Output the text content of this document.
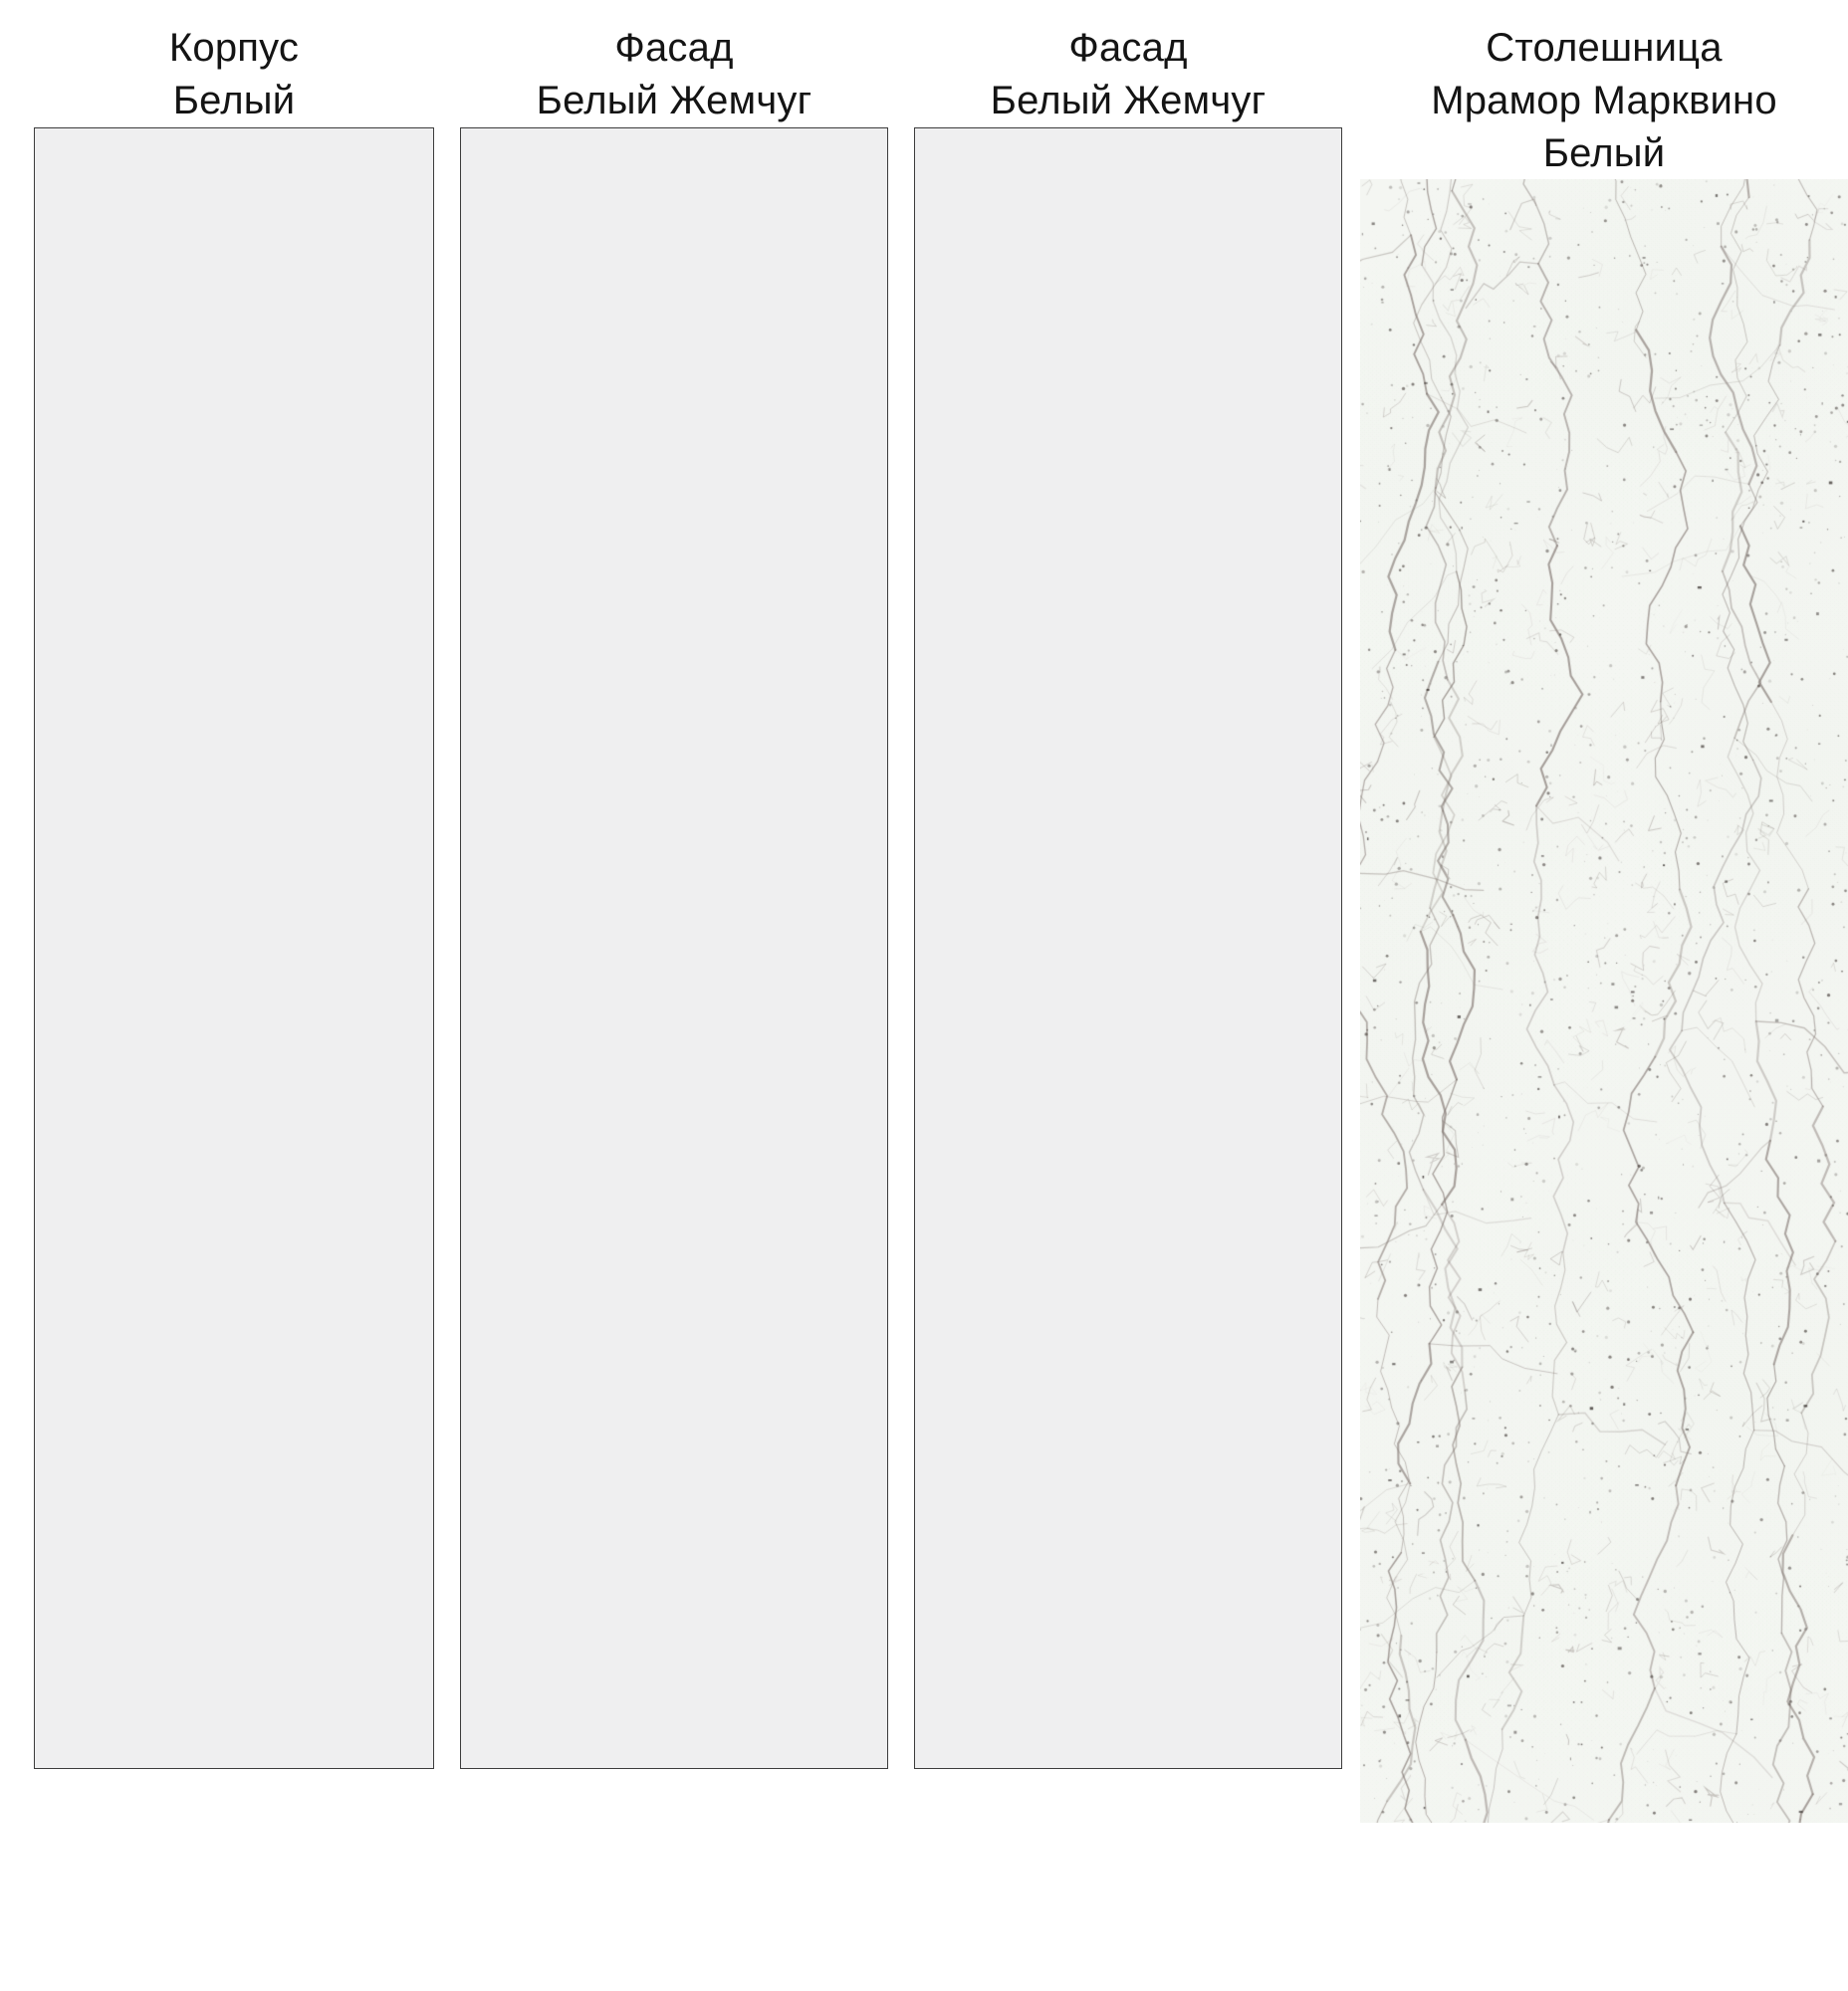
Корпус
Белый
Фасад
Белый Жемчуг
Фасад
Белый Жемчуг
Столешница
Мрамор Марквино
Белый
